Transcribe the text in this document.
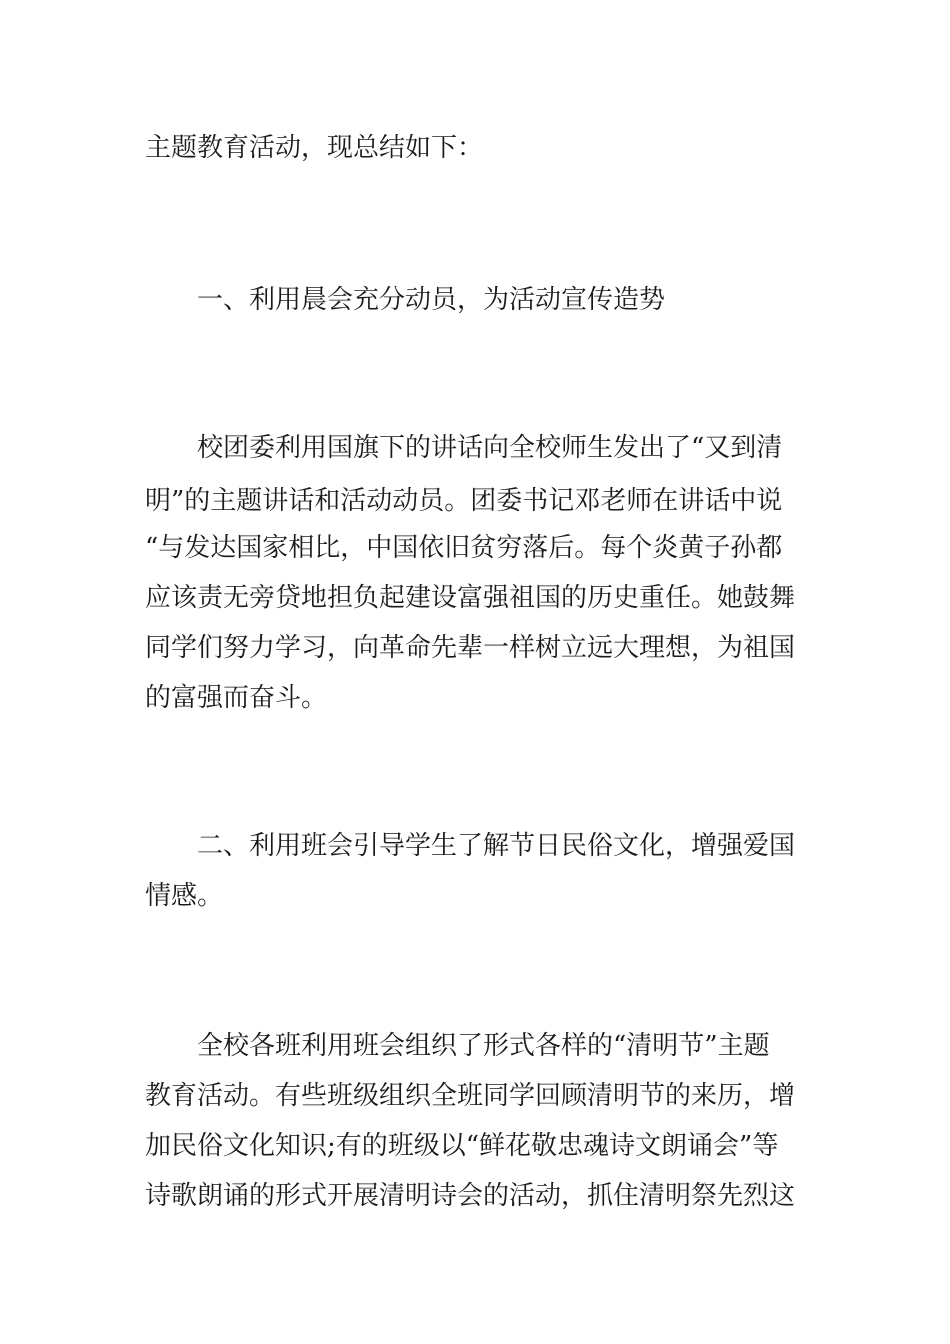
主题教育活动，现总结如下：
一、利用晨会充分动员，为活动宣传造势
校团委利用国旗下的讲话向全校师生发出了“又到清
明”的主题讲话和活动动员。团委书记邓老师在讲话中说
“与发达国家相比，中国依旧贫穷落后。每个炎黄子孙都
应该责无旁贷地担负起建设富强祖国的历史重任。她鼓舞
同学们努力学习，向革命先辈一样树立远大理想，为祖国
的富强而奋斗。
二、利用班会引导学生了解节日民俗文化，增强爱国
情感。
全校各班利用班会组织了形式各样的“清明节”主题
教育活动。有些班级组织全班同学回顾清明节的来历，增
加民俗文化知识;有的班级以“鲜花敬忠魂诗文朗诵会”等
诗歌朗诵的形式开展清明诗会的活动，抓住清明祭先烈这
